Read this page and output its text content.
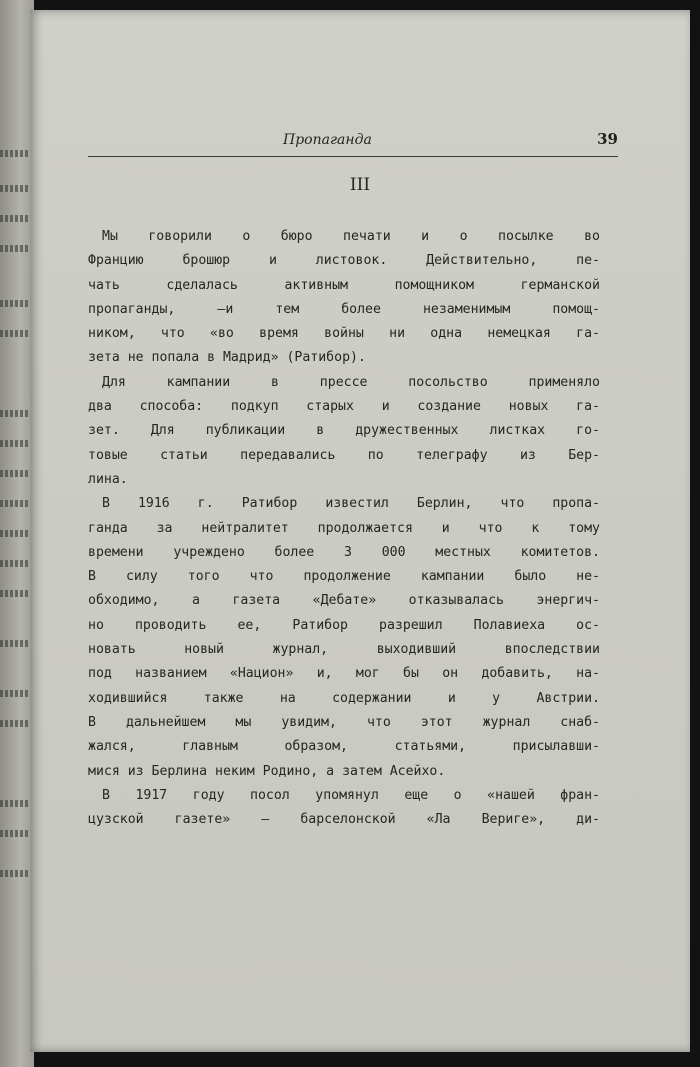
Пропаганда	39
III
Мы говорили о бюро печати и о посылке во
Францию брошюр и листовок. Действительно, пе-
чать сделалась активным помощником германской
пропаганды, —и тем более незаменимым помощ-
ником, что «во время войны ни одна немецкая га-
зета не попала в Мадрид» (Ратибор).
Для кампании в прессе посольство применяло
два способа: подкуп старых и создание новых га-
зет. Для публикации в дружественных листках го-
товые статьи передавались по телеграфу из Бер-
лина.
В 1916 г. Ратибор известил Берлин, что пропа-
ганда за нейтралитет продолжается и что к тому
времени учреждено более 3 000 местных комитетов.
В силу того что продолжение кампании было не-
обходимо, а газета «Дебате» отказывалась энергич-
но проводить ее, Ратибор разрешил Полавиеха ос-
новать новый журнал, выходивший впоследствии
под названием «Национ» и, мог бы он добавить, на-
ходившийся также на содержании и у Австрии.
В дальнейшем мы увидим, что этот журнал снаб-
жался, главным образом, статьями, присылавши-
мися из Берлина неким Родино, а затем Асейхо.
В 1917 году посол упомянул еще о «нашей фран-
цузской газете» — барселонской «Ла Вериге», ди-
